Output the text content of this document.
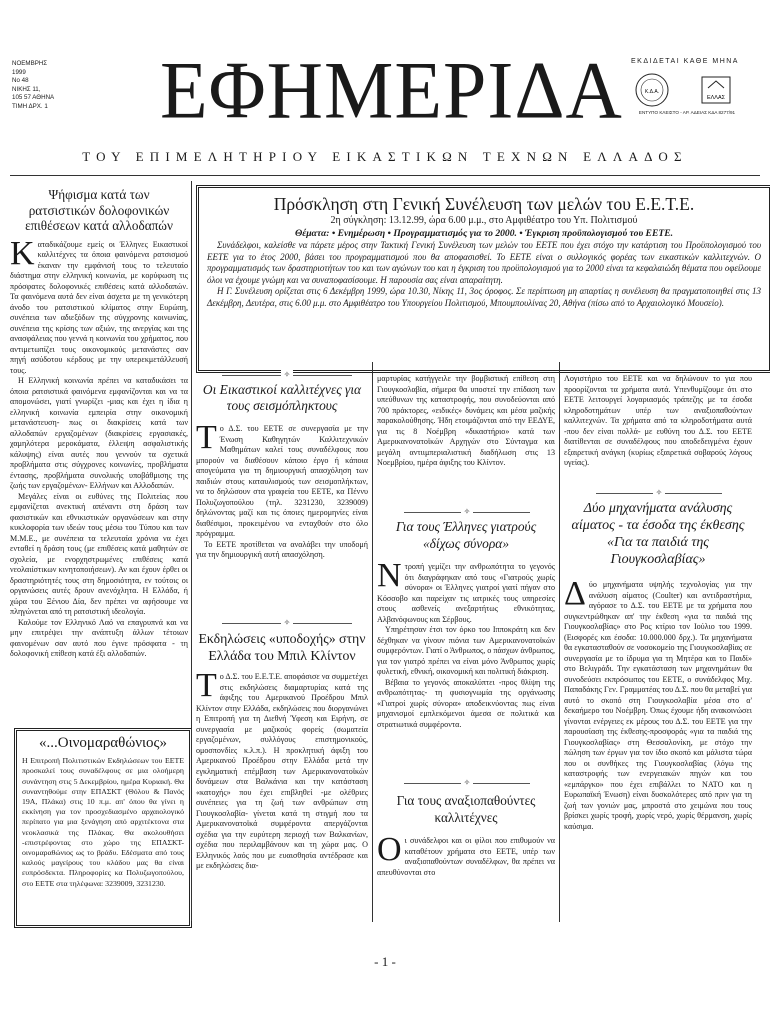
ΝΟΕΜΒΡΗΣ
1999
Νο 48
ΝΙΚΗΣ 11,
105 57 ΑΘΗΝΑ
ΤΙΜΗ ΔΡΧ. 1	ΕΦΗΜΕΡΙΔΑ	ΕΚΔΙΔΕΤΑΙ ΚΑΘΕ ΜΗΝΑ
Κ.Δ.Α.
ΕΛΛΑΣ
ΕΝΤΥΠΟ ΚΛΕΙΣΤΟ - ΑΡ. ΑΔΕΙΑΣ ΚΔΑ 8277/91
ΤΟΥ ΕΠΙΜΕΛΗΤΗΡΙΟΥ ΕΙΚΑΣΤΙΚΩΝ ΤΕΧΝΩΝ ΕΛΛΑΔΟΣ
Ψήφισμα κατά των ρατσιστικών δολοφονικών επιθέσεων κατά αλλοδαπών
Κ αταδικάζουμε εμείς οι Έλληνες Εικαστικοί καλλιτέχνες τα όποια φαινόμενα ρατσισμού έκαναν την εμφάνισή τους το τελευταίο διάστημα στην ελληνική κοινωνία, με κορύφωση τις πρόσφατες δολοφονικές επιθέσεις κατά αλλοδαπών. Τα φαινόμενα αυτά δεν είναι άσχετα με τη γενικότερη άνοδο του ρατσιστικού κλίματος στην Ευρώπη, συνέπεια των αδιεξόδων της σύγχρονης κοινωνίας, συνέπεια της κρίσης των αξιών, της ανεργίας και της ανασφάλειας που γεννά η κοινωνία του χρήματος, που αντιμετωπίζει τους οικονομικούς μετανάστες σαν πηγή ασύδοτου κέρδους με την υπερεκμετάλλευσή τους.

Η Ελληνική κοινωνία πρέπει να καταδικάσει τα όποια ρατσιστικά φαινόμενα εμφανίζονται και να τα απομονώσει, γιατί γνωρίζει -μιας και έχει η ίδια η ελληνική κοινωνία εμπειρία στην οικονομική μετανάστευση- πως οι διακρίσεις κατά των αλλοδαπών εργαζομένων (διακρίσεις εργασιακές, χαμηλότερα μεροκάματα, έλλειψη ασφαλιστικής κάλυψης) είναι αυτές που γεννούν τα σχετικά προβλήματα στις σύγχρονες κοινωνίες, προβλήματα έντασης, προβλήματα συνολικής υποβάθμισης της ζωής των εργαζομένων- Ελλήνων και Αλλοδαπών.

Μεγάλες είναι οι ευθύνες της Πολιτείας που εμφανίζεται ανεκτική απέναντι στη δράση των φασιστικών και εθνικιστικών οργανώσεων και στην κυκλοφορία των ιδεών τους μέσω του Τύπου και των Μ.Μ.Ε., με συνέπεια τα τελευταία χρόνια να έχει ενταθεί η δράση τους (με επιθέσεις κατά μαθητών σε σχολεία, με ενορχηστρωμένες επιθέσεις κατά νεολαιίστικων κινητοποιήσεων). Αν και έχουν έρθει οι δραστηριότητές τους στη δημοσιότητα, εν τούτοις οι οργανώσεις αυτές δρουν ανενόχλητα. Η Ελλάδα, ή χώρα του Ξένιου Δία, δεν πρέπει να αφήσουμε να πληγώνεται από τη ρατσιστική ιδεολογία.

Καλούμε τον Ελληνικό Λαό να επαγρυπνά και να μην επιτρέψει την ανάπτυξη άλλων τέτοιων φαινομένων σαν αυτό που έγινε πρόσφατα - τη δολοφονική επίθεση κατά έξι αλλοδαπών.

«...Οινομαραθώνιος»
Η Επιτροπή Πολιτιστικών Εκδηλώσεων του ΕΕΤΕ προσκαλεί τους συναδέλφους σε μια ολοήμερη συνάντηση στις 5 Δεκεμβρίου, ημέρα Κυριακή. Θα συναντηθούμε στην ΕΠΑΣΚΤ (Θόλου & Πανός 19Α, Πλάκα) στις 10 π.μ. απ' όπου θα γίνει η εκκίνηση για τον προσχεδιασμένο αρχαιολογικό περίπατο για μια ξενάγηση από αρχιτέκτονα στα νεοκλασικά της Πλάκας. Θα ακολουθήσει -επιστρέφοντας στο χώρο της ΕΠΑΣΚΤ- οινομαραθώνιος ως το βράδυ. Εδέσματα από τους καλούς μαγείρους του κλάδου μας θα είναι ευπρόσδεκτα. Πληροφορίες κα Πολυζωγοπούλου, στο ΕΕΤΕ στα τηλέφωνα: 3239009, 3231230.
Πρόσκληση στη Γενική Συνέλευση των μελών του Ε.Ε.Τ.Ε.
2η σύγκληση: 13.12.99, ώρα 6.00 μ.μ., στο Αμφιθέατρο του Υπ. Πολιτισμού
Θέματα: • Ενημέρωση • Προγραμματισμός για το 2000. • Έγκριση προϋπολογισμού του ΕΕΤΕ.

Συνάδελφοι, καλείσθε να πάρετε μέρος στην Τακτική Γενική Συνέλευση των μελών του ΕΕΤΕ που έχει στόχο την κατάρτιση του Προϋπολογισμού του ΕΕΤΕ για το έτος 2000, βάσει του προγραμματισμού που θα αποφασισθεί. Το ΕΕΤΕ είναι ο συλλογικός φορέας των εικαστικών καλλιτεχνών. Ο προγραμματισμός των δραστηριοτήτων του και των αγώνων του και η έγκριση του προϋπολογισμού για το 2000 είναι τα κεφαλαιώδη θέματα που οφείλουμε όλοι να έχουμε γνώμη και να συναποφασίσουμε. Η παρουσία σας είναι απαραίτητη.

Η Γ. Συνέλευση ορίζεται στις 6 Δεκέμβρη 1999, ώρα 10.30, Νίκης 11, 3ος όροφος. Σε περίπτωση μη απαρτίας η συνέλευση θα πραγματοποιηθεί στις 13 Δεκέμβρη, Δευτέρα, στις 6.00 μ.μ. στο Αμφιθέατρο του Υπουργείου Πολιτισμού, Μπουμπουλίνας 20, Αθήνα (πίσω από το Αρχαιολογικό Μουσείο).

✧
Οι Εικαστικοί καλλιτέχνες για τους σεισμόπληκτους
Τ ο Δ.Σ. του ΕΕΤΕ σε συνεργασία με την Ένωση Καθηγητών Καλλιτεχνικών Μαθημάτων καλεί τους συναδέλφους που μπορούν να διαθέσουν κάποιο έργο ή κάποια απογεύματα για τη δημιουργική απασχόληση των παιδιών στους καταυλισμούς των σεισμοπλήκτων, να το δηλώσουν στα γραφεία του ΕΕΤΕ, κα Πέννυ Πολυζωγοπούλου (τηλ. 3231230, 3239009) δηλώνοντας μαζί και τις όποιες ημερομηνίες είναι διαθέσιμοι, προκειμένου να ενταχθούν στο όλο πρόγραμμα.

Το ΕΕΤΕ προτίθεται να αναλάβει την υποδομή για την δημιουργική αυτή απασχόληση.

✧
Εκδηλώσεις «υποδοχής» στην Ελλάδα του Μπιλ Κλίντον
Τ ο Δ.Σ. του Ε.Ε.Τ.Ε. αποφάσισε να συμμετέχει στις εκδηλώσεις διαμαρτυρίας κατά της άφιξης του Αμερικανού Προέδρου Μπιλ Κλίντον στην Ελλάδα, εκδηλώσεις που διοργανώνει η Επιτροπή για τη Διεθνή Ύφεση και Ειρήνη, σε συνεργασία με μαζικούς φορείς (σωματεία εργαζομένων, συλλόγους επιστημονικούς, ομοσπονδίες κ.λ.π.). Η προκλητική άφιξη του Αμερικανού Προέδρου στην Ελλάδα μετά την εγκληματική επέμβαση των Αμερικανονατοϊκών δυνάμεων στα Βαλκάνια και την κατάσταση «κατοχής» που έχει επιβληθεί -με ολέθριες συνέπειες για τη ζωή των ανθρώπων στη Γιουγκοσλαβία- γίνεται κατά τη στιγμή που τα Αμερικανονατοϊκά συμφέροντα απεργάζονται σχέδια για την ευρύτερη περιοχή των Βαλκανίων, σχέδια που περιλαμβάνουν και τη χώρα μας. Ο Ελληνικός λαός που με ευαισθησία αντέδρασε και με εκδηλώσεις δια-

μαρτυρίας κατήγγειλε την βομβιστική επίθεση στη Γιουγκοσλαβία, σήμερα θα υποστεί την επίδαση των υπεύθυνων της καταστροφής, που συνοδεύονται από 700 πράκτορες, «ειδικές» δυνάμεις και μέσα μαζικής παρακολούθησης. Ήδη ετοιμάζονται από την ΕΕΔΥΕ, για τις 8 Νοέμβρη «δικαστήριο» κατά των Αμερικανονατοϊκών Αρχηγών στο Σύνταγμα και μεγάλη αντιιμπεριαλιστική διαδήλωση στις 13 Νοεμβρίου, ημέρα άφιξης του Κλίντον.

✧
Για τους Έλληνες γιατρούς «δίχως σύνορα»
Ν τροπή γεμίζει την ανθρωπότητα το γεγονός ότι διαγράφηκαν από τους «Γιατρούς χωρίς σύνορα» οι Έλληνες γιατροί γιατί πήγαν στο Κόσσοβο και παρείχαν τις ιατρικές τους υπηρεσίες στους ασθενείς ανεξαρτήτως εθνικότητας, Αλβανόφωνους και Σέρβους.

Υπηρέτησαν έτσι τον όρκο του Ιπποκράτη και δεν δέχθηκαν να γίνουν πιόνια των Αμερικανονατοϊκών συμφερόντων. Γιατί ο Άνθρωπος, ο πάσχων άνθρωπος, για τον γιατρό πρέπει να είναι μόνο Άνθρωπος χωρίς φυλετική, εθνική, οικονομική και πολιτική διάκριση.

Βέβαια το γεγονός αποκαλύπτει -προς θλίψη της ανθρωπότητας- τη φυσιογνωμία της οργάνωσης «Γιατροί χωρίς σύνορα» αποδεικνύοντας πως είναι μηχανισμοί εμπλεκόμενοι άμεσα σε πολιτικά και στρατιωτικά συμφέροντα.

✧
Για τους αναξιοπαθούντες καλλιτέχνες
Ο ι συνάδελφοι και οι φίλοι που επιθυμούν να καταθέτουν χρήματα στο ΕΕΤΕ, υπέρ των αναξιοπαθούντων συναδέλφων, θα πρέπει να απευθύνονται στο

Λογιστήριο του ΕΕΤΕ και να δηλώνουν το για που προορίζονται τα χρήματα αυτά. Υπενθυμίζουμε ότι στο ΕΕΤΕ λειτουργεί λογαριασμός τράπεζης με τα έσοδα κληροδοτημάτων υπέρ των αναξιοπαθούντων καλλιτεχνών. Τα χρήματα από τα κληροδοτήματα αυτά -που δεν είναι πολλά- με ευθύνη του Δ.Σ. του ΕΕΤΕ διατίθενται σε συναδέλφους που αποδεδειγμένα έχουν εξαιρετική ανάγκη (κυρίως εξαιρετικά σοβαρούς λόγους υγείας).

✧
Δύο μηχανήματα ανάλυσης αίματος - τα έσοδα της έκθεσης «Για τα παιδιά της Γιουγκοσλαβίας»
Δ ύο μηχανήματα υψηλής τεχνολογίας για την ανάλυση αίματος (Coulter) και αντιδραστήρια, αγόρασε το Δ.Σ. του ΕΕΤΕ με τα χρήματα που συγκεντρώθηκαν απ' την έκθεση «για τα παιδιά της Γιουγκοσλαβίας» στο Ρος κτίριο τον Ιούλιο του 1999. (Εισφορές και έσοδα: 10.000.000 δρχ.). Τα μηχανήματα θα εγκατασταθούν σε νοσοκομείο της Γιουγκοσλαβίας σε συνεργασία με το ίδρυμα για τη Μητέρα και το Παιδί» στο Βελιγράδι. Την εγκατάσταση των μηχανημάτων θα συνοδεύσει εκπρόσωπος του ΕΕΤΕ, ο συνάδελφος Μιχ. Παπαδάκης Γεν. Γραμματέας του Δ.Σ. που θα μεταβεί για αυτό το σκοπό στη Γιουγκοσλαβία μέσα στο α' δεκαήμερο του Νοέμβρη. Όπως έχουμε ήδη ανακοινώσει γίνονται ενέργειες εκ μέρους του Δ.Σ. του ΕΕΤΕ για την παρουσίαση της έκθεσης-προσφοράς «για τα παιδιά της Γιουγκοσλαβίας» στη Θεσσαλονίκη, με στόχο την πώληση των έργων για τον ίδιο σκοπό και μάλιστα τώρα που οι συνθήκες της Γιουγκοσλαβίας (λόγω της καταστροφής των ενεργειακών πηγών και του «εμπάργκο» που έχει επιβάλλει το ΝΑΤΟ και η Ευρωπαϊκή Ένωση) είναι δυσκολότερες από πριν για τη ζωή των γονιών μας, μπροστά στο χειμώνα που τους βρίσκει χωρίς τροφή, χωρίς νερό, χωρίς θέρμανση, χωρίς καύσιμα.

- 1 -
